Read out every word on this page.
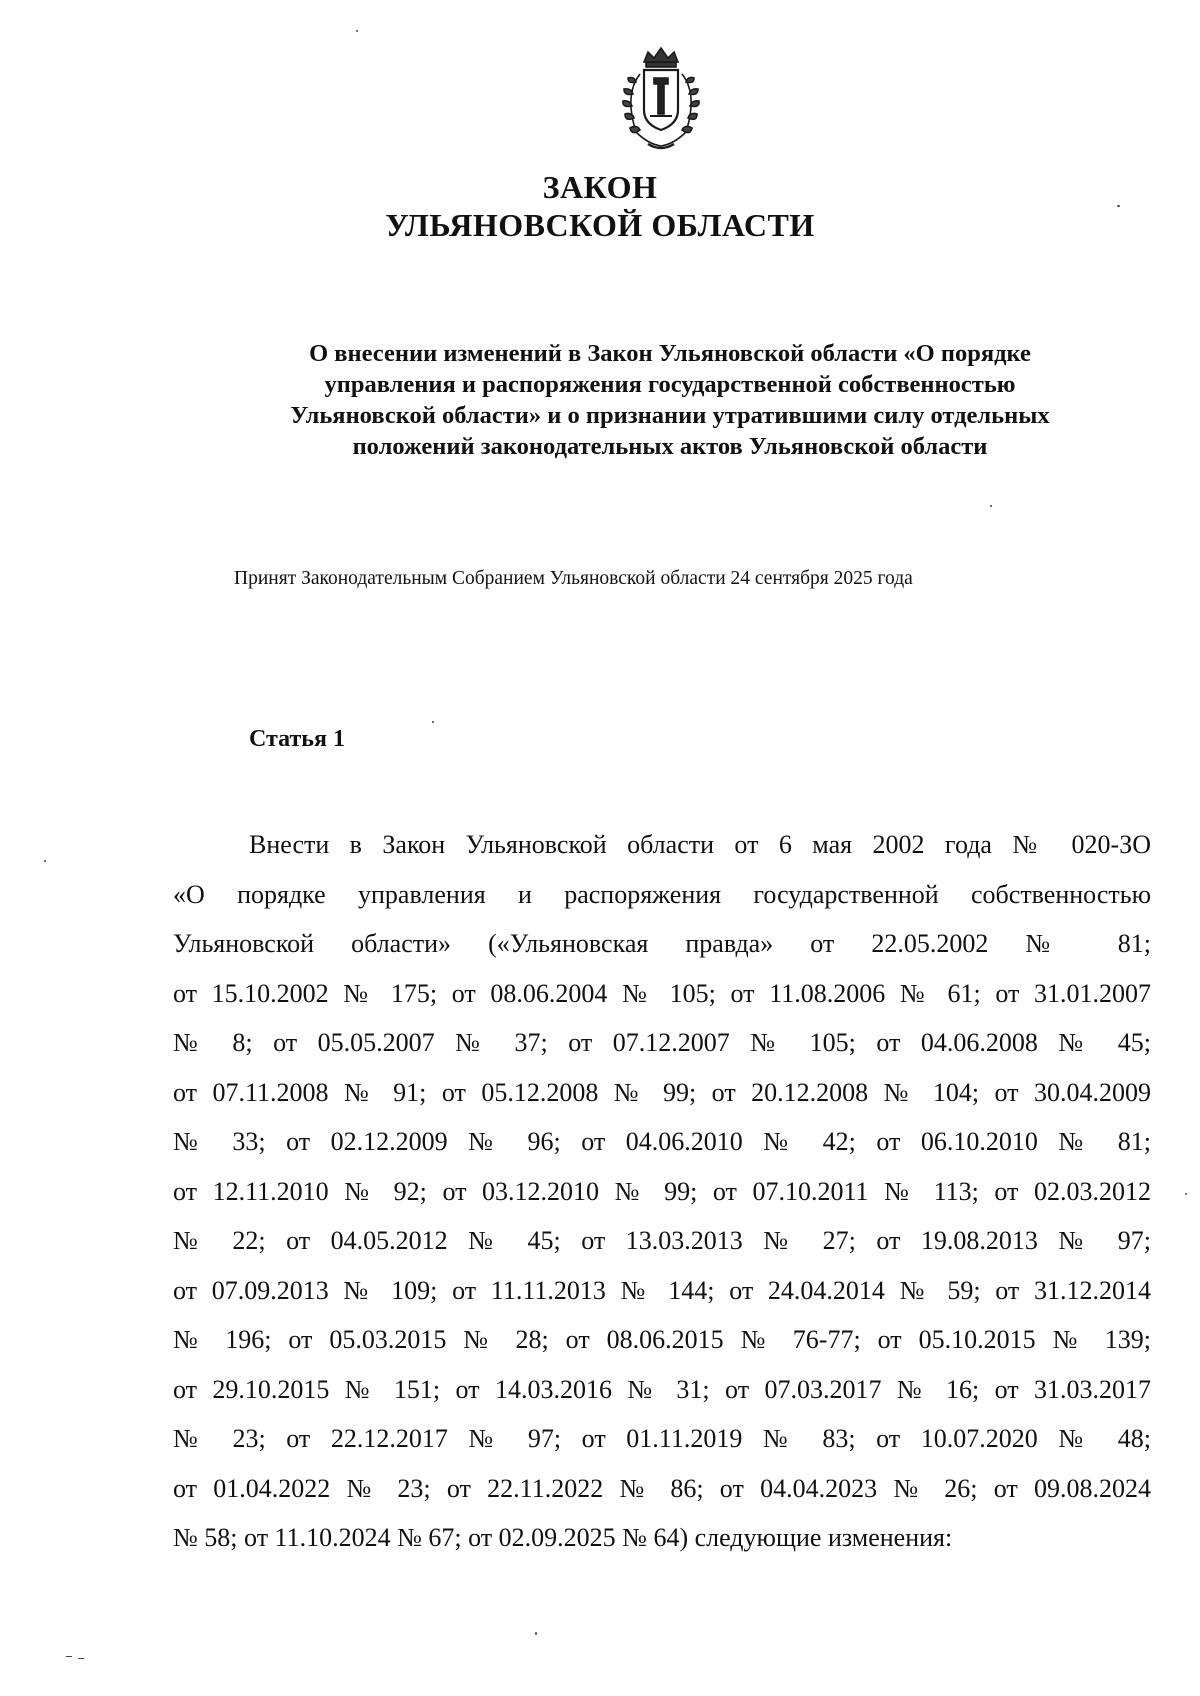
ЗАКОН
УЛЬЯНОВСКОЙ ОБЛАСТИ
О внесении изменений в Закон Ульяновской области «О порядке
управления и распоряжения государственной собственностью
Ульяновской области» и о признании утратившими силу отдельных
положений законодательных актов Ульяновской области
Принят Законодательным Собранием Ульяновской области 24 сентября 2025 года
Статья 1
Внести в Закон Ульяновской области от 6 мая 2002 года № 020-ЗО
«О порядке управления и распоряжения государственной собственностью
Ульяновской области» («Ульяновская правда» от 22.05.2002 № 81;
от 15.10.2002 № 175; от 08.06.2004 № 105; от 11.08.2006 № 61; от 31.01.2007
№ 8; от 05.05.2007 № 37; от 07.12.2007 № 105; от 04.06.2008 № 45;
от 07.11.2008 № 91; от 05.12.2008 № 99; от 20.12.2008 № 104; от 30.04.2009
№ 33; от 02.12.2009 № 96; от 04.06.2010 № 42; от 06.10.2010 № 81;
от 12.11.2010 № 92; от 03.12.2010 № 99; от 07.10.2011 № 113; от 02.03.2012
№ 22; от 04.05.2012 № 45; от 13.03.2013 № 27; от 19.08.2013 № 97;
от 07.09.2013 № 109; от 11.11.2013 № 144; от 24.04.2014 № 59; от 31.12.2014
№ 196; от 05.03.2015 № 28; от 08.06.2015 № 76-77; от 05.10.2015 № 139;
от 29.10.2015 № 151; от 14.03.2016 № 31; от 07.03.2017 № 16; от 31.03.2017
№ 23; от 22.12.2017 № 97; от 01.11.2019 № 83; от 10.07.2020 № 48;
от 01.04.2022 № 23; от 22.11.2022 № 86; от 04.04.2023 № 26; от 09.08.2024
№ 58; от 11.10.2024 № 67; от 02.09.2025 № 64) следующие изменения:
